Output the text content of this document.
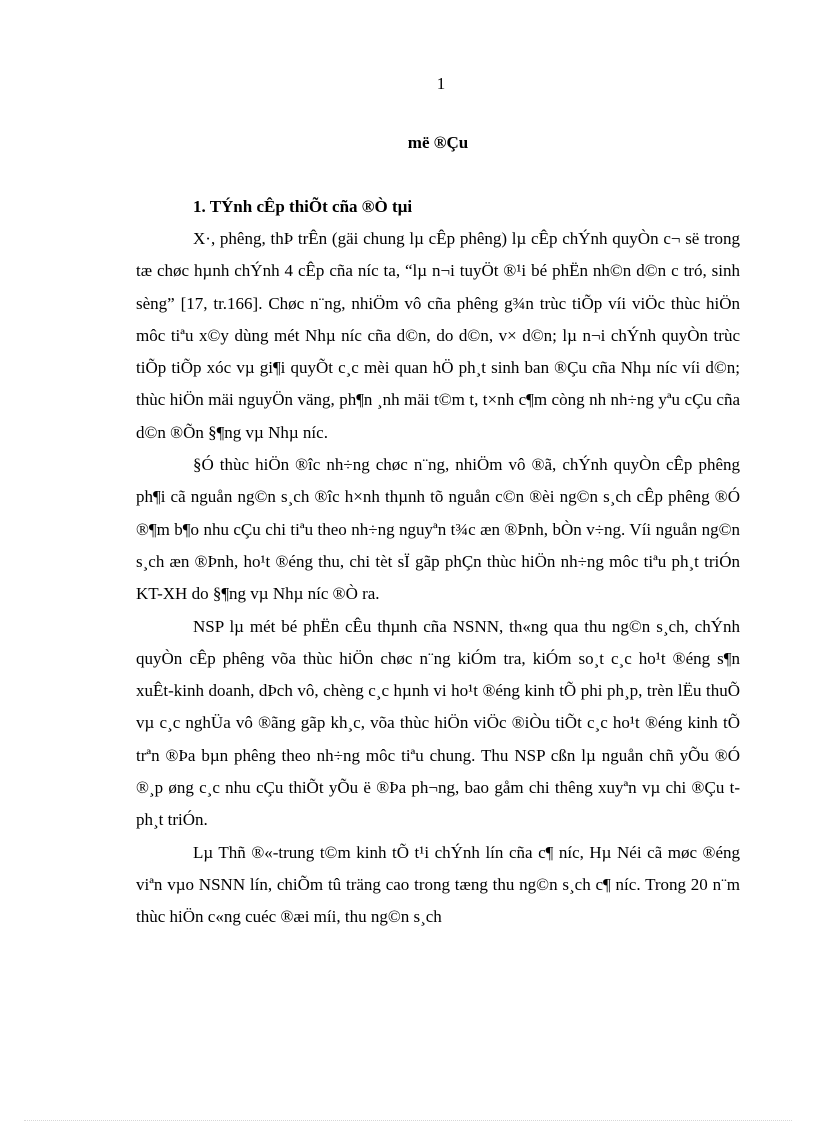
1
më ®Çu
1. TÝnh cÊp thiÕt cña ®Ò tµi

X·, phêng, thÞ trÊn (gäi chung lµ cÊp phêng) lµ cÊp chÝnh quyÒn c¬ së trong tæ chøc hµnh chÝnh 4 cÊp cña níc ta, “lµ n¬i tuyÖt ®¹i bé phËn nh©n d©n c tró, sinh sèng” [17, tr.166]. Chøc n¨ng, nhiÖm vô cña phêng g¾n trùc tiÕp víi viÖc thùc hiÖn môc tiªu x©y dùng mét Nhµ níc cña d©n, do d©n, v× d©n; lµ n¬i chÝnh quyÒn trùc tiÕp tiÕp xóc vµ gi¶i quyÕt c¸c mèi quan hÖ ph¸t sinh ban ®Çu cña Nhµ níc víi d©n; thùc hiÖn mäi nguyÖn väng, ph¶n ¸nh mäi t©m t, t×nh c¶m còng nh nh÷ng yªu cÇu cña d©n ®Õn §¶ng vµ Nhµ níc.

§Ó thùc hiÖn ®îc nh÷ng chøc n¨ng, nhiÖm vô ®ã, chÝnh quyÒn cÊp phêng ph¶i cã nguån ng©n s¸ch ®îc h×nh thµnh tõ nguån c©n ®èi ng©n s¸ch cÊp phêng ®Ó ®¶m b¶o nhu cÇu chi tiªu theo nh÷ng nguyªn t¾c æn ®Þnh, bÒn v÷ng. Víi nguån ng©n s¸ch æn ®Þnh, ho¹t ®éng thu, chi tèt sÏ gãp phÇn thùc hiÖn nh÷ng môc tiªu ph¸t triÓn KT-XH do §¶ng vµ Nhµ níc ®Ò ra.

NSP lµ mét bé phËn cÊu thµnh cña NSNN, th«ng qua thu ng©n s¸ch, chÝnh quyÒn cÊp phêng võa thùc hiÖn chøc n¨ng kiÓm tra, kiÓm so¸t c¸c ho¹t ®éng s¶n xuÊt-kinh doanh, dÞch vô, chèng c¸c hµnh vi ho¹t ®éng kinh tÕ phi ph¸p, trèn lËu thuÕ vµ c¸c nghÜa vô ®ãng gãp kh¸c, võa thùc hiÖn viÖc ®iÒu tiÕt c¸c ho¹t ®éng kinh tÕ trªn ®Þa bµn phêng theo nh÷ng môc tiªu chung. Thu NSP cßn lµ nguån chñ yÕu ®Ó ®¸p øng c¸c nhu cÇu thiÕt yÕu ë ®Þa ph¬ng, bao gåm chi thêng xuyªn vµ chi ®Çu t ph¸t triÓn.

Lµ Thñ ®«-trung t©m kinh tÕ t¹i chÝnh lín cña c¶ níc, Hµ Néi cã møc ®éng viªn vµo NSNN lín, chiÕm tû träng cao trong tæng thu ng©n s¸ch c¶ níc. Trong 20 n¨m thùc hiÖn c«ng cuéc ®æi míi, thu ng©n s¸ch
